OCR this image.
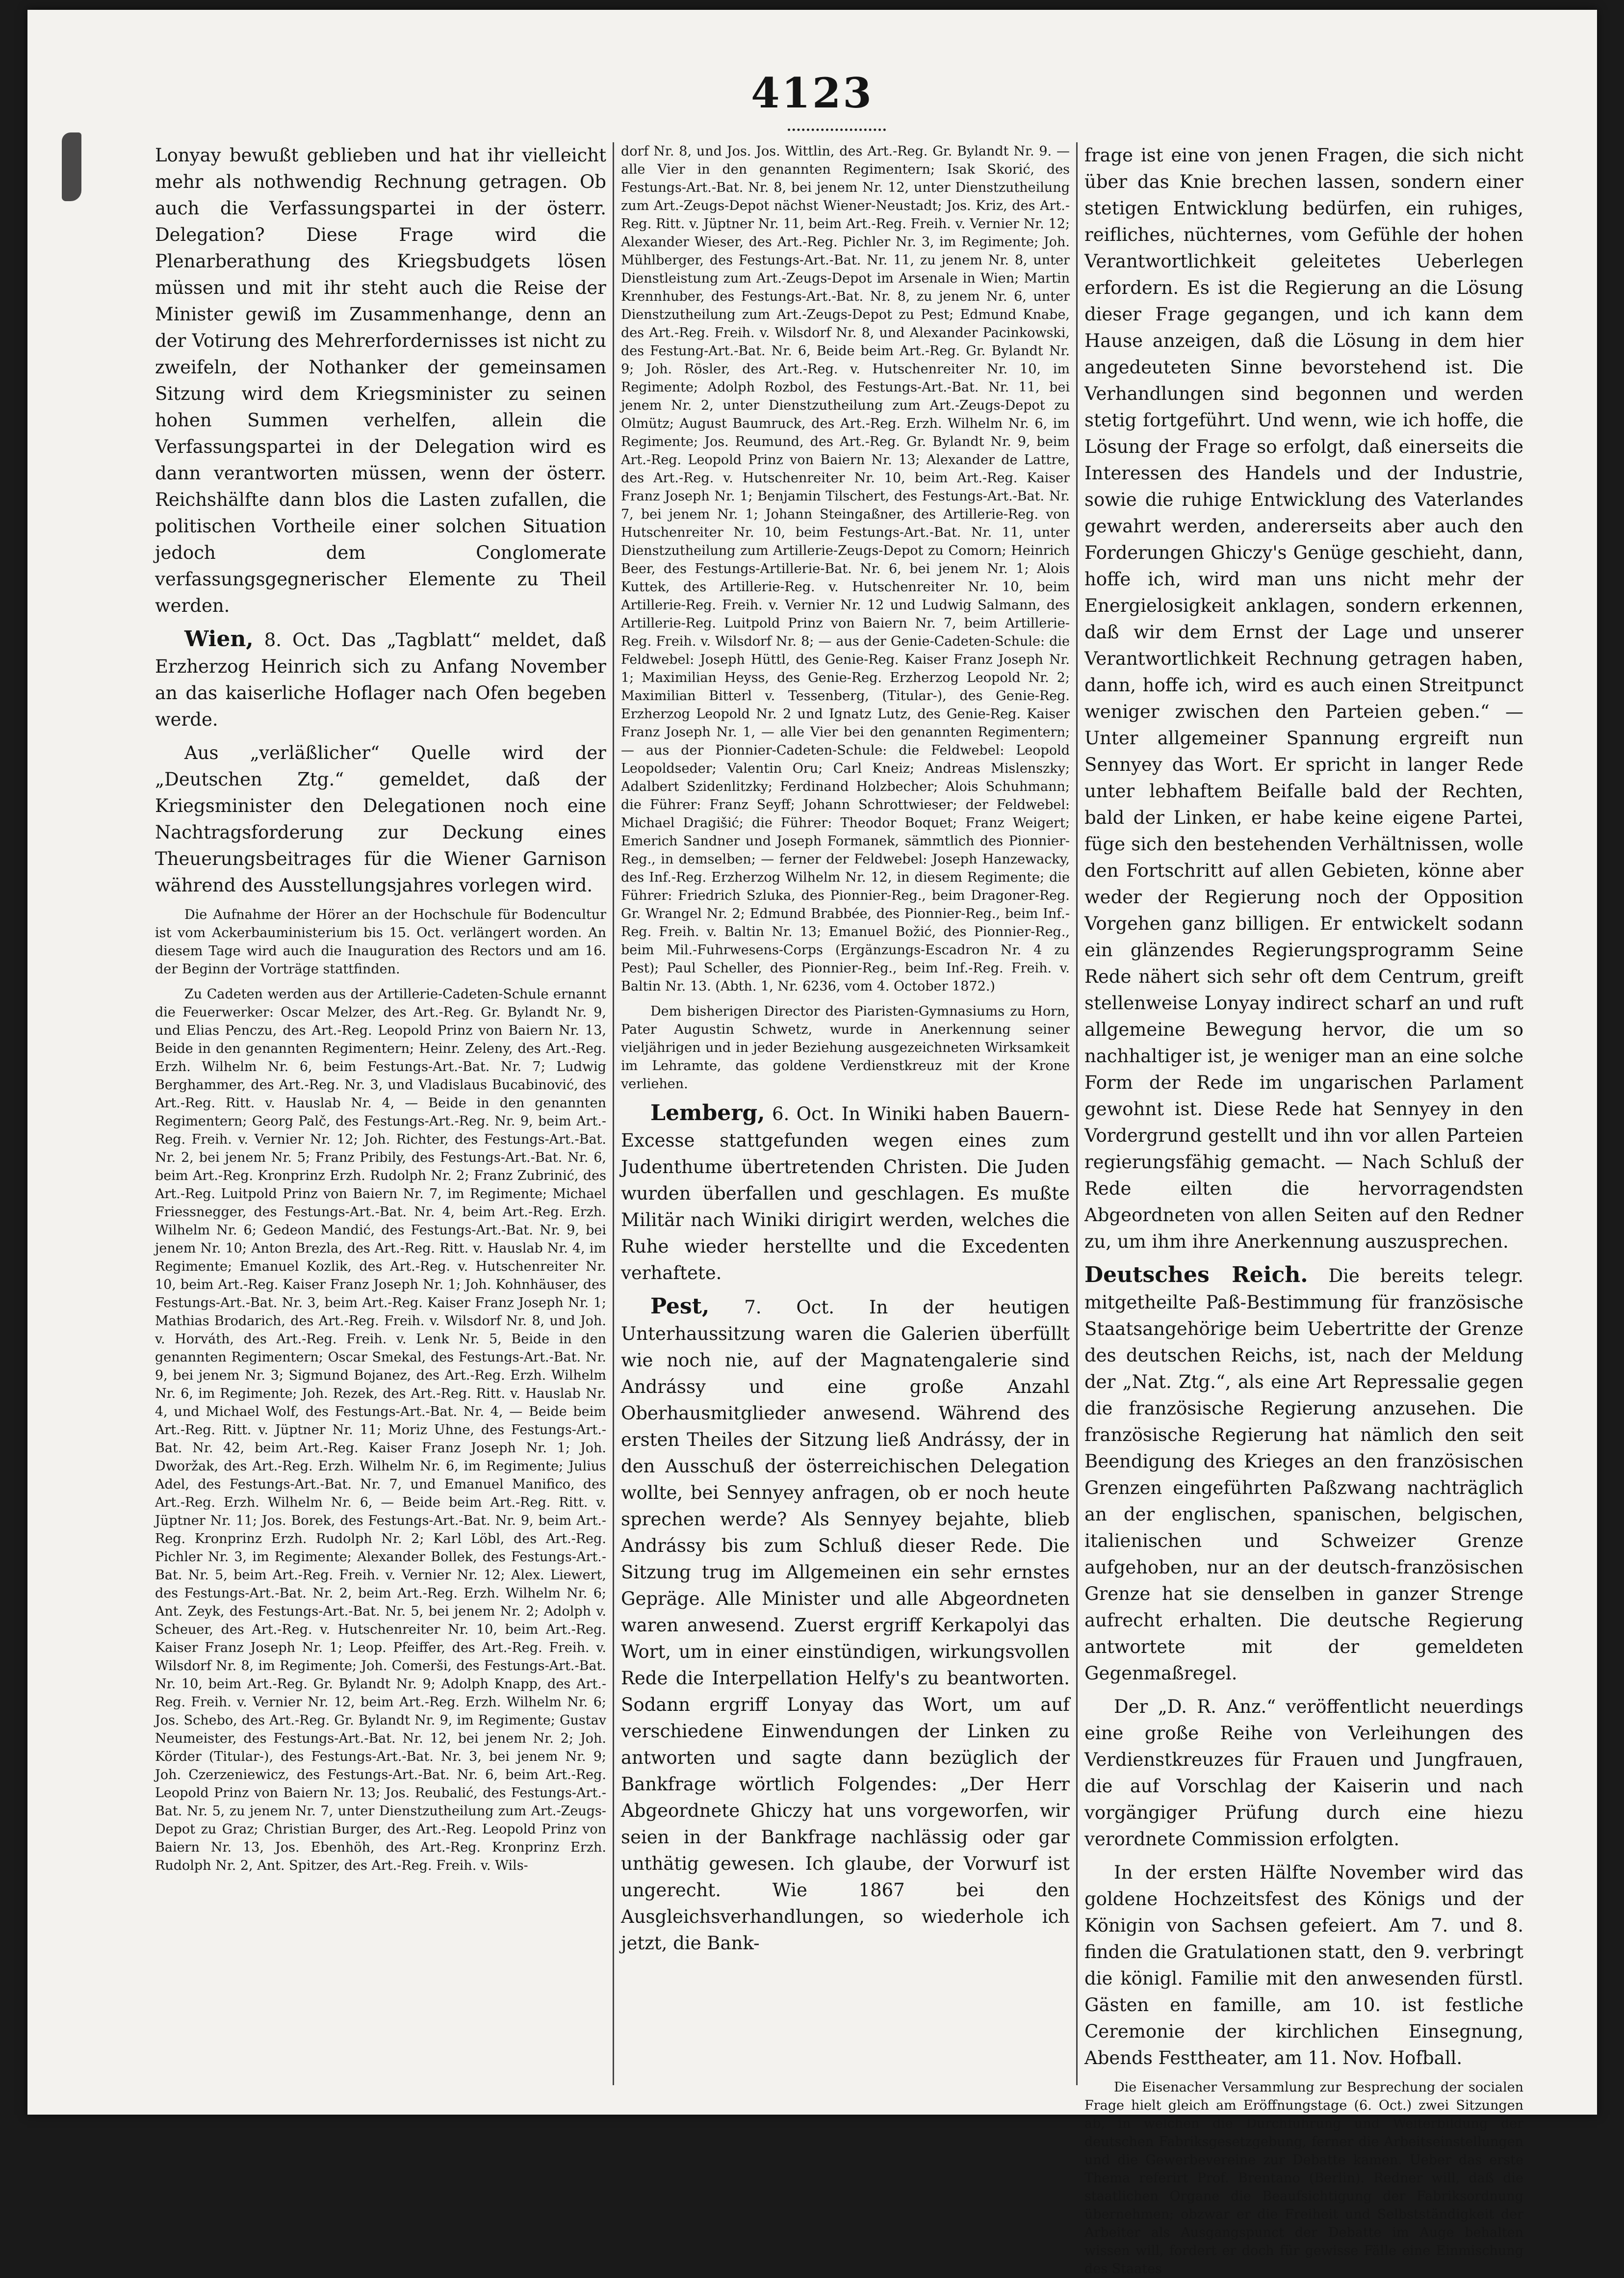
4123

Lonyay bewußt geblieben und hat ihr vielleicht mehr als nothwendig Rechnung getragen. Ob auch die Verfassungspartei in der österr. Delegation? Diese Frage wird die Plenarberathung des Kriegsbudgets lösen müssen und mit ihr steht auch die Reise der Minister gewiß im Zusammenhange, denn an der Votirung des Mehrerfordernisses ist nicht zu zweifeln, der Nothanker der gemeinsamen Sitzung wird dem Kriegsminister zu seinen hohen Summen verhelfen, allein die Verfassungspartei in der Delegation wird es dann verantworten müssen, wenn der österr. Reichshälfte dann blos die Lasten zufallen, die politischen Vortheile einer solchen Situation jedoch dem Conglomerate verfassungsgegnerischer Elemente zu Theil werden.

Wien, 8. Oct. Das „Tagblatt“ meldet, daß Erzherzog Heinrich sich zu Anfang November an das kaiserliche Hoflager nach Ofen begeben werde.

Aus „verläßlicher“ Quelle wird der „Deutschen Ztg.“ gemeldet, daß der Kriegsminister den Delegationen noch eine Nachtragsforderung zur Deckung eines Theuerungsbeitrages für die Wiener Garnison während des Ausstellungsjahres vorlegen wird.

Die Aufnahme der Hörer an der Hochschule für Bodencultur ist vom Ackerbauministerium bis 15. Oct. verlängert worden. An diesem Tage wird auch die Inauguration des Rectors und am 16. der Beginn der Vorträge stattfinden.

Zu Cadeten werden aus der Artillerie-Cadeten-Schule ernannt die Feuerwerker: Oscar Melzer, des Art.-Reg. Gr. Bylandt Nr. 9, und Elias Penczu, des Art.-Reg. Leopold Prinz von Baiern Nr. 13, Beide in den genannten Regimentern; Heinr. Zeleny, des Art.-Reg. Erzh. Wilhelm Nr. 6, beim Festungs-Art.-Bat. Nr. 7; Ludwig Berghammer, des Art.-Reg. Nr. 3, und Vladislaus Bucabinović, des Art.-Reg. Ritt. v. Hauslab Nr. 4, — Beide in den genannten Regimentern; Georg Palč, des Festungs-Art.-Reg. Nr. 9, beim Art.-Reg. Freih. v. Vernier Nr. 12; Joh. Richter, des Festungs-Art.-Bat. Nr. 2, bei jenem Nr. 5; Franz Pribily, des Festungs-Art.-Bat. Nr. 6, beim Art.-Reg. Kronprinz Erzh. Rudolph Nr. 2; Franz Zubrinić, des Art.-Reg. Luitpold Prinz von Baiern Nr. 7, im Regimente; Michael Friessnegger, des Festungs-Art.-Bat. Nr. 4, beim Art.-Reg. Erzh. Wilhelm Nr. 6; Gedeon Mandić, des Festungs-Art.-Bat. Nr. 9, bei jenem Nr. 10; Anton Brezla, des Art.-Reg. Ritt. v. Hauslab Nr. 4, im Regimente; Emanuel Kozlik, des Art.-Reg. v. Hutschenreiter Nr. 10, beim Art.-Reg. Kaiser Franz Joseph Nr. 1; Joh. Kohnhäuser, des Festungs-Art.-Bat. Nr. 3, beim Art.-Reg. Kaiser Franz Joseph Nr. 1; Mathias Brodarich, des Art.-Reg. Freih. v. Wilsdorf Nr. 8, und Joh. v. Horváth, des Art.-Reg. Freih. v. Lenk Nr. 5, Beide in den genannten Regimentern; Oscar Smekal, des Festungs-Art.-Bat. Nr. 9, bei jenem Nr. 3; Sigmund Bojanez, des Art.-Reg. Erzh. Wilhelm Nr. 6, im Regimente; Joh. Rezek, des Art.-Reg. Ritt. v. Hauslab Nr. 4, und Michael Wolf, des Festungs-Art.-Bat. Nr. 4, — Beide beim Art.-Reg. Ritt. v. Jüptner Nr. 11; Moriz Uhne, des Festungs-Art.-Bat. Nr. 42, beim Art.-Reg. Kaiser Franz Joseph Nr. 1; Joh. Dworžak, des Art.-Reg. Erzh. Wilhelm Nr. 6, im Regimente; Julius Adel, des Festungs-Art.-Bat. Nr. 7, und Emanuel Manifico, des Art.-Reg. Erzh. Wilhelm Nr. 6, — Beide beim Art.-Reg. Ritt. v. Jüptner Nr. 11; Jos. Borek, des Festungs-Art.-Bat. Nr. 9, beim Art.-Reg. Kronprinz Erzh. Rudolph Nr. 2; Karl Löbl, des Art.-Reg. Pichler Nr. 3, im Regimente; Alexander Bollek, des Festungs-Art.-Bat. Nr. 5, beim Art.-Reg. Freih. v. Vernier Nr. 12; Alex. Liewert, des Festungs-Art.-Bat. Nr. 2, beim Art.-Reg. Erzh. Wilhelm Nr. 6; Ant. Zeyk, des Festungs-Art.-Bat. Nr. 5, bei jenem Nr. 2; Adolph v. Scheuer, des Art.-Reg. v. Hutschenreiter Nr. 10, beim Art.-Reg. Kaiser Franz Joseph Nr. 1; Leop. Pfeiffer, des Art.-Reg. Freih. v. Wilsdorf Nr. 8, im Regimente; Joh. Comerši, des Festungs-Art.-Bat. Nr. 10, beim Art.-Reg. Gr. Bylandt Nr. 9; Adolph Knapp, des Art.-Reg. Freih. v. Vernier Nr. 12, beim Art.-Reg. Erzh. Wilhelm Nr. 6; Jos. Schebo, des Art.-Reg. Gr. Bylandt Nr. 9, im Regimente; Gustav Neumeister, des Festungs-Art.-Bat. Nr. 12, bei jenem Nr. 2; Joh. Körder (Titular-), des Festungs-Art.-Bat. Nr. 3, bei jenem Nr. 9; Joh. Czerzeniewicz, des Festungs-Art.-Bat. Nr. 6, beim Art.-Reg. Leopold Prinz von Baiern Nr. 13; Jos. Reubalić, des Festungs-Art.-Bat. Nr. 5, zu jenem Nr. 7, unter Dienstzutheilung zum Art.-Zeugs-Depot zu Graz; Christian Burger, des Art.-Reg. Leopold Prinz von Baiern Nr. 13, Jos. Ebenhöh, des Art.-Reg. Kronprinz Erzh. Rudolph Nr. 2, Ant. Spitzer, des Art.-Reg. Freih. v. Wils-

dorf Nr. 8, und Jos. Jos. Wittlin, des Art.-Reg. Gr. Bylandt Nr. 9. — alle Vier in den genannten Regimentern; Isak Skorić, des Festungs-Art.-Bat. Nr. 8, bei jenem Nr. 12, unter Dienstzutheilung zum Art.-Zeugs-Depot nächst Wiener-Neustadt; Jos. Kriz, des Art.-Reg. Ritt. v. Jüptner Nr. 11, beim Art.-Reg. Freih. v. Vernier Nr. 12; Alexander Wieser, des Art.-Reg. Pichler Nr. 3, im Regimente; Joh. Mühlberger, des Festungs-Art.-Bat. Nr. 11, zu jenem Nr. 8, unter Dienstleistung zum Art.-Zeugs-Depot im Arsenale in Wien; Martin Krennhuber, des Festungs-Art.-Bat. Nr. 8, zu jenem Nr. 6, unter Dienstzutheilung zum Art.-Zeugs-Depot zu Pest; Edmund Knabe, des Art.-Reg. Freih. v. Wilsdorf Nr. 8, und Alexander Pacinkowski, des Festung-Art.-Bat. Nr. 6, Beide beim Art.-Reg. Gr. Bylandt Nr. 9; Joh. Rösler, des Art.-Reg. v. Hutschenreiter Nr. 10, im Regimente; Adolph Rozbol, des Festungs-Art.-Bat. Nr. 11, bei jenem Nr. 2, unter Dienstzutheilung zum Art.-Zeugs-Depot zu Olmütz; August Baumruck, des Art.-Reg. Erzh. Wilhelm Nr. 6, im Regimente; Jos. Reumund, des Art.-Reg. Gr. Bylandt Nr. 9, beim Art.-Reg. Leopold Prinz von Baiern Nr. 13; Alexander de Lattre, des Art.-Reg. v. Hutschenreiter Nr. 10, beim Art.-Reg. Kaiser Franz Joseph Nr. 1; Benjamin Tilschert, des Festungs-Art.-Bat. Nr. 7, bei jenem Nr. 1; Johann Steingaßner, des Artillerie-Reg. von Hutschenreiter Nr. 10, beim Festungs-Art.-Bat. Nr. 11, unter Dienstzutheilung zum Artillerie-Zeugs-Depot zu Comorn; Heinrich Beer, des Festungs-Artillerie-Bat. Nr. 6, bei jenem Nr. 1; Alois Kuttek, des Artillerie-Reg. v. Hutschenreiter Nr. 10, beim Artillerie-Reg. Freih. v. Vernier Nr. 12 und Ludwig Salmann, des Artillerie-Reg. Luitpold Prinz von Baiern Nr. 7, beim Artillerie-Reg. Freih. v. Wilsdorf Nr. 8; — aus der Genie-Cadeten-Schule: die Feldwebel: Joseph Hüttl, des Genie-Reg. Kaiser Franz Joseph Nr. 1; Maximilian Heyss, des Genie-Reg. Erzherzog Leopold Nr. 2; Maximilian Bitterl v. Tessenberg, (Titular-), des Genie-Reg. Erzherzog Leopold Nr. 2 und Ignatz Lutz, des Genie-Reg. Kaiser Franz Joseph Nr. 1, — alle Vier bei den genannten Regimentern; — aus der Pionnier-Cadeten-Schule: die Feldwebel: Leopold Leopoldseder; Valentin Oru; Carl Kneiz; Andreas Mislenszky; Adalbert Szidenlitzky; Ferdinand Holzbecher; Alois Schuhmann; die Führer: Franz Seyff; Johann Schrottwieser; der Feldwebel: Michael Dragišić; die Führer: Theodor Boquet; Franz Weigert; Emerich Sandner und Joseph Formanek, sämmtlich des Pionnier-Reg., in demselben; — ferner der Feldwebel: Joseph Hanzewacky, des Inf.-Reg. Erzherzog Wilhelm Nr. 12, in diesem Regimente; die Führer: Friedrich Szluka, des Pionnier-Reg., beim Dragoner-Reg. Gr. Wrangel Nr. 2; Edmund Brabbée, des Pionnier-Reg., beim Inf.-Reg. Freih. v. Baltin Nr. 13; Emanuel Božić, des Pionnier-Reg., beim Mil.-Fuhrwesens-Corps (Ergänzungs-Escadron Nr. 4 zu Pest); Paul Scheller, des Pionnier-Reg., beim Inf.-Reg. Freih. v. Baltin Nr. 13. (Abth. 1, Nr. 6236, vom 4. October 1872.)

Dem bisherigen Director des Piaristen-Gymnasiums zu Horn, Pater Augustin Schwetz, wurde in Anerkennung seiner vieljährigen und in jeder Beziehung ausgezeichneten Wirksamkeit im Lehramte, das goldene Verdienstkreuz mit der Krone verliehen.

Lemberg, 6. Oct. In Winiki haben Bauern-Excesse stattgefunden wegen eines zum Judenthume übertretenden Christen. Die Juden wurden überfallen und geschlagen. Es mußte Militär nach Winiki dirigirt werden, welches die Ruhe wieder herstellte und die Excedenten verhaftete.

Pest, 7. Oct. In der heutigen Unterhaussitzung waren die Galerien überfüllt wie noch nie, auf der Magnatengalerie sind Andrássy und eine große Anzahl Oberhausmitglieder anwesend. Während des ersten Theiles der Sitzung ließ Andrássy, der in den Ausschuß der österreichischen Delegation wollte, bei Sennyey anfragen, ob er noch heute sprechen werde? Als Sennyey bejahte, blieb Andrássy bis zum Schluß dieser Rede. Die Sitzung trug im Allgemeinen ein sehr ernstes Gepräge. Alle Minister und alle Abgeordneten waren anwesend. Zuerst ergriff Kerkapolyi das Wort, um in einer einstündigen, wirkungsvollen Rede die Interpellation Helfy's zu beantworten. Sodann ergriff Lonyay das Wort, um auf verschiedene Einwendungen der Linken zu antworten und sagte dann bezüglich der Bankfrage wörtlich Folgendes: „Der Herr Abgeordnete Ghiczy hat uns vorgeworfen, wir seien in der Bankfrage nachlässig oder gar unthätig gewesen. Ich glaube, der Vorwurf ist ungerecht. Wie 1867 bei den Ausgleichsverhandlungen, so wiederhole ich jetzt, die Bank-

frage ist eine von jenen Fragen, die sich nicht über das Knie brechen lassen, sondern einer stetigen Entwicklung bedürfen, ein ruhiges, reifliches, nüchternes, vom Gefühle der hohen Verantwortlichkeit geleitetes Ueberlegen erfordern. Es ist die Regierung an die Lösung dieser Frage gegangen, und ich kann dem Hause anzeigen, daß die Lösung in dem hier angedeuteten Sinne bevorstehend ist. Die Verhandlungen sind begonnen und werden stetig fortgeführt. Und wenn, wie ich hoffe, die Lösung der Frage so erfolgt, daß einerseits die Interessen des Handels und der Industrie, sowie die ruhige Entwicklung des Vaterlandes gewahrt werden, andererseits aber auch den Forderungen Ghiczy's Genüge geschieht, dann, hoffe ich, wird man uns nicht mehr der Energielosigkeit anklagen, sondern erkennen, daß wir dem Ernst der Lage und unserer Verantwortlichkeit Rechnung getragen haben, dann, hoffe ich, wird es auch einen Streitpunct weniger zwischen den Parteien geben.“ — Unter allgemeiner Spannung ergreift nun Sennyey das Wort. Er spricht in langer Rede unter lebhaftem Beifalle bald der Rechten, bald der Linken, er habe keine eigene Partei, füge sich den bestehenden Verhältnissen, wolle den Fortschritt auf allen Gebieten, könne aber weder der Regierung noch der Opposition Vorgehen ganz billigen. Er entwickelt sodann ein glänzendes Regierungsprogramm Seine Rede nähert sich sehr oft dem Centrum, greift stellenweise Lonyay indirect scharf an und ruft allgemeine Bewegung hervor, die um so nachhaltiger ist, je weniger man an eine solche Form der Rede im ungarischen Parlament gewohnt ist. Diese Rede hat Sennyey in den Vordergrund gestellt und ihn vor allen Parteien regierungsfähig gemacht. — Nach Schluß der Rede eilten die hervorragendsten Abgeordneten von allen Seiten auf den Redner zu, um ihm ihre Anerkennung auszusprechen.

Deutsches Reich. Die bereits telegr. mitgetheilte Paß-Bestimmung für französische Staatsangehörige beim Uebertritte der Grenze des deutschen Reichs, ist, nach der Meldung der „Nat. Ztg.“, als eine Art Repressalie gegen die französische Regierung anzusehen. Die französische Regierung hat nämlich den seit Beendigung des Krieges an den französischen Grenzen eingeführten Paßzwang nachträglich an der englischen, spanischen, belgischen, italienischen und Schweizer Grenze aufgehoben, nur an der deutsch-französischen Grenze hat sie denselben in ganzer Strenge aufrecht erhalten. Die deutsche Regierung antwortete mit der gemeldeten Gegenmaßregel.

Der „D. R. Anz.“ veröffentlicht neuerdings eine große Reihe von Verleihungen des Verdienstkreuzes für Frauen und Jungfrauen, die auf Vorschlag der Kaiserin und nach vorgängiger Prüfung durch eine hiezu verordnete Commission erfolgten.

In der ersten Hälfte November wird das goldene Hochzeitsfest des Königs und der Königin von Sachsen gefeiert. Am 7. und 8. finden die Gratulationen statt, den 9. verbringt die königl. Familie mit den anwesenden fürstl. Gästen en famille, am 10. ist festliche Ceremonie der kirchlichen Einsegnung, Abends Festtheater, am 11. Nov. Hofball.

Die Eisenacher Versammlung zur Besprechung der socialen Frage hielt gleich am Eröffnungstage (6. Oct.) zwei Sitzungen ab, in welchen die Durchführung und Weiterbildung der deutschen Fabriksgesetzgebung, ferner die Arbeitseinstellungen und die Gewerbevereine zur Debatte kamen. Ueber das erste Thema referirt Prof. Brentano (Berlin). Redner will, daß die staatlichen Organe die Beaufsichtigung der Fabriksordnung übernehmen; obzwar er die Freiheit und Selbstständigkeit der Arbeiter als Ausgangspunct der Debatte im Auge behalten wissen will, fordert er doch für gewisse Fälle eine Einmischung des Staates
